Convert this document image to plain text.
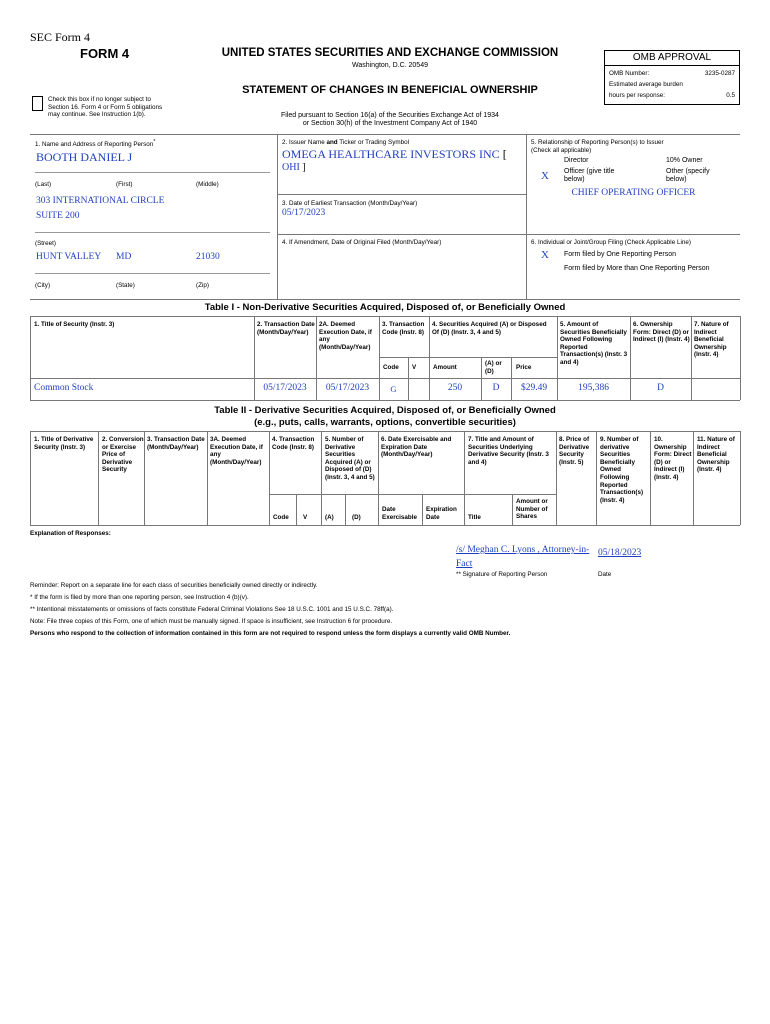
SEC Form 4
FORM 4	UNITED STATES SECURITIES AND EXCHANGE COMMISSION
Washington, D.C. 20549
STATEMENT OF CHANGES IN BENEFICIAL OWNERSHIP
Check this box if no longer subject to
Section 16. Form 4 or Form 5 obligations
may continue. See Instruction 1(b).	Filed pursuant to Section 16(a) of the Securities Exchange Act of 1934
or Section 30(h) of the Investment Company Act of 1940
OMB APPROVAL
OMB Number:	3235-0287
Estimated average burden
hours per response:	0.5
1. Name and Address of Reporting Person*
BOOTH DANIEL J
(Last)	(First)	(Middle)
303 INTERNATIONAL CIRCLE
SUITE 200
(Street)
HUNT VALLEY MD	21030
(City)	(State)	(Zip)
2. Issuer Name and Ticker or Trading Symbol
OMEGA HEALTHCARE INVESTORS INC [
OHI ]
3. Date of Earliest Transaction (Month/Day/Year)
05/17/2023
4. If Amendment, Date of Original Filed (Month/Day/Year)
5. Relationship of Reporting Person(s) to Issuer
(Check all applicable)
Director	10% Owner
X Officer (give title
below)
Other (specify
below)
CHIEF OPERATING OFFICER
6. Individual or Joint/Group Filing (Check Applicable Line)
X Form filed by One Reporting Person
Form filed by More than One Reporting Person
Table I - Non-Derivative Securities Acquired, Disposed of, or Beneficially Owned
1. Title of Security (Instr. 3)	2. Transaction Date (Month/Day/Year)
2A. Deemed Execution Date, if any (Month/Day/Year)
3. Transaction Code (Instr. 8)
4. Securities Acquired (A) or Disposed Of (D) (Instr. 3, 4 and 5)
5. Amount of Securities Beneficially Owned Following Reported Transaction(s) (Instr. 3 and 4)
6. Ownership Form: Direct (D) or Indirect (I) (Instr. 4)
7. Nature of Indirect Beneficial Ownership (Instr. 4)
Code V	Amount
(A) or (D)
Price
Common Stock	05/17/2023	05/17/2023	G	250	D	$29.49	195,386	D
Table II - Derivative Securities Acquired, Disposed of, or Beneficially Owned
(e.g., puts, calls, warrants, options, convertible securities)
1. Title of Derivative Security (Instr. 3)
2. Conversion or Exercise Price of Derivative Security
3. Transaction Date (Month/Day/Year)
3A. Deemed Execution Date, if any (Month/Day/Year)
4. Transaction Code (Instr. 8)
5. Number of Derivative Securities Acquired (A) or Disposed of (D) (Instr. 3, 4 and 5)
6. Date Exercisable and Expiration Date (Month/Day/Year)
7. Title and Amount of Securities Underlying Derivative Security (Instr. 3 and 4)
8. Price of Derivative Security (Instr. 5)
9. Number of derivative Securities Beneficially Owned Following Reported Transaction(s) (Instr. 4)
10. Ownership Form: Direct (D) or Indirect (I) (Instr. 4)
11. Nature of Indirect Beneficial Ownership (Instr. 4)
Code V	(A)	(D)
Date Exercisable
Expiration Date	Title
Amount or Number of Shares
Explanation of Responses:
/s/ Meghan C. Lyons , Attorney-in-Fact
05/18/2023
** Signature of Reporting Person	Date
Reminder: Report on a separate line for each class of securities beneficially owned directly or indirectly.
* If the form is filed by more than one reporting person, see Instruction 4 (b)(v).
** Intentional misstatements or omissions of facts constitute Federal Criminal Violations See 18 U.S.C. 1001 and 15 U.S.C. 78ff(a).
Note: File three copies of this Form, one of which must be manually signed. If space is insufficient, see Instruction 6 for procedure.
Persons who respond to the collection of information contained in this form are not required to respond unless the form displays a currently valid OMB Number.
